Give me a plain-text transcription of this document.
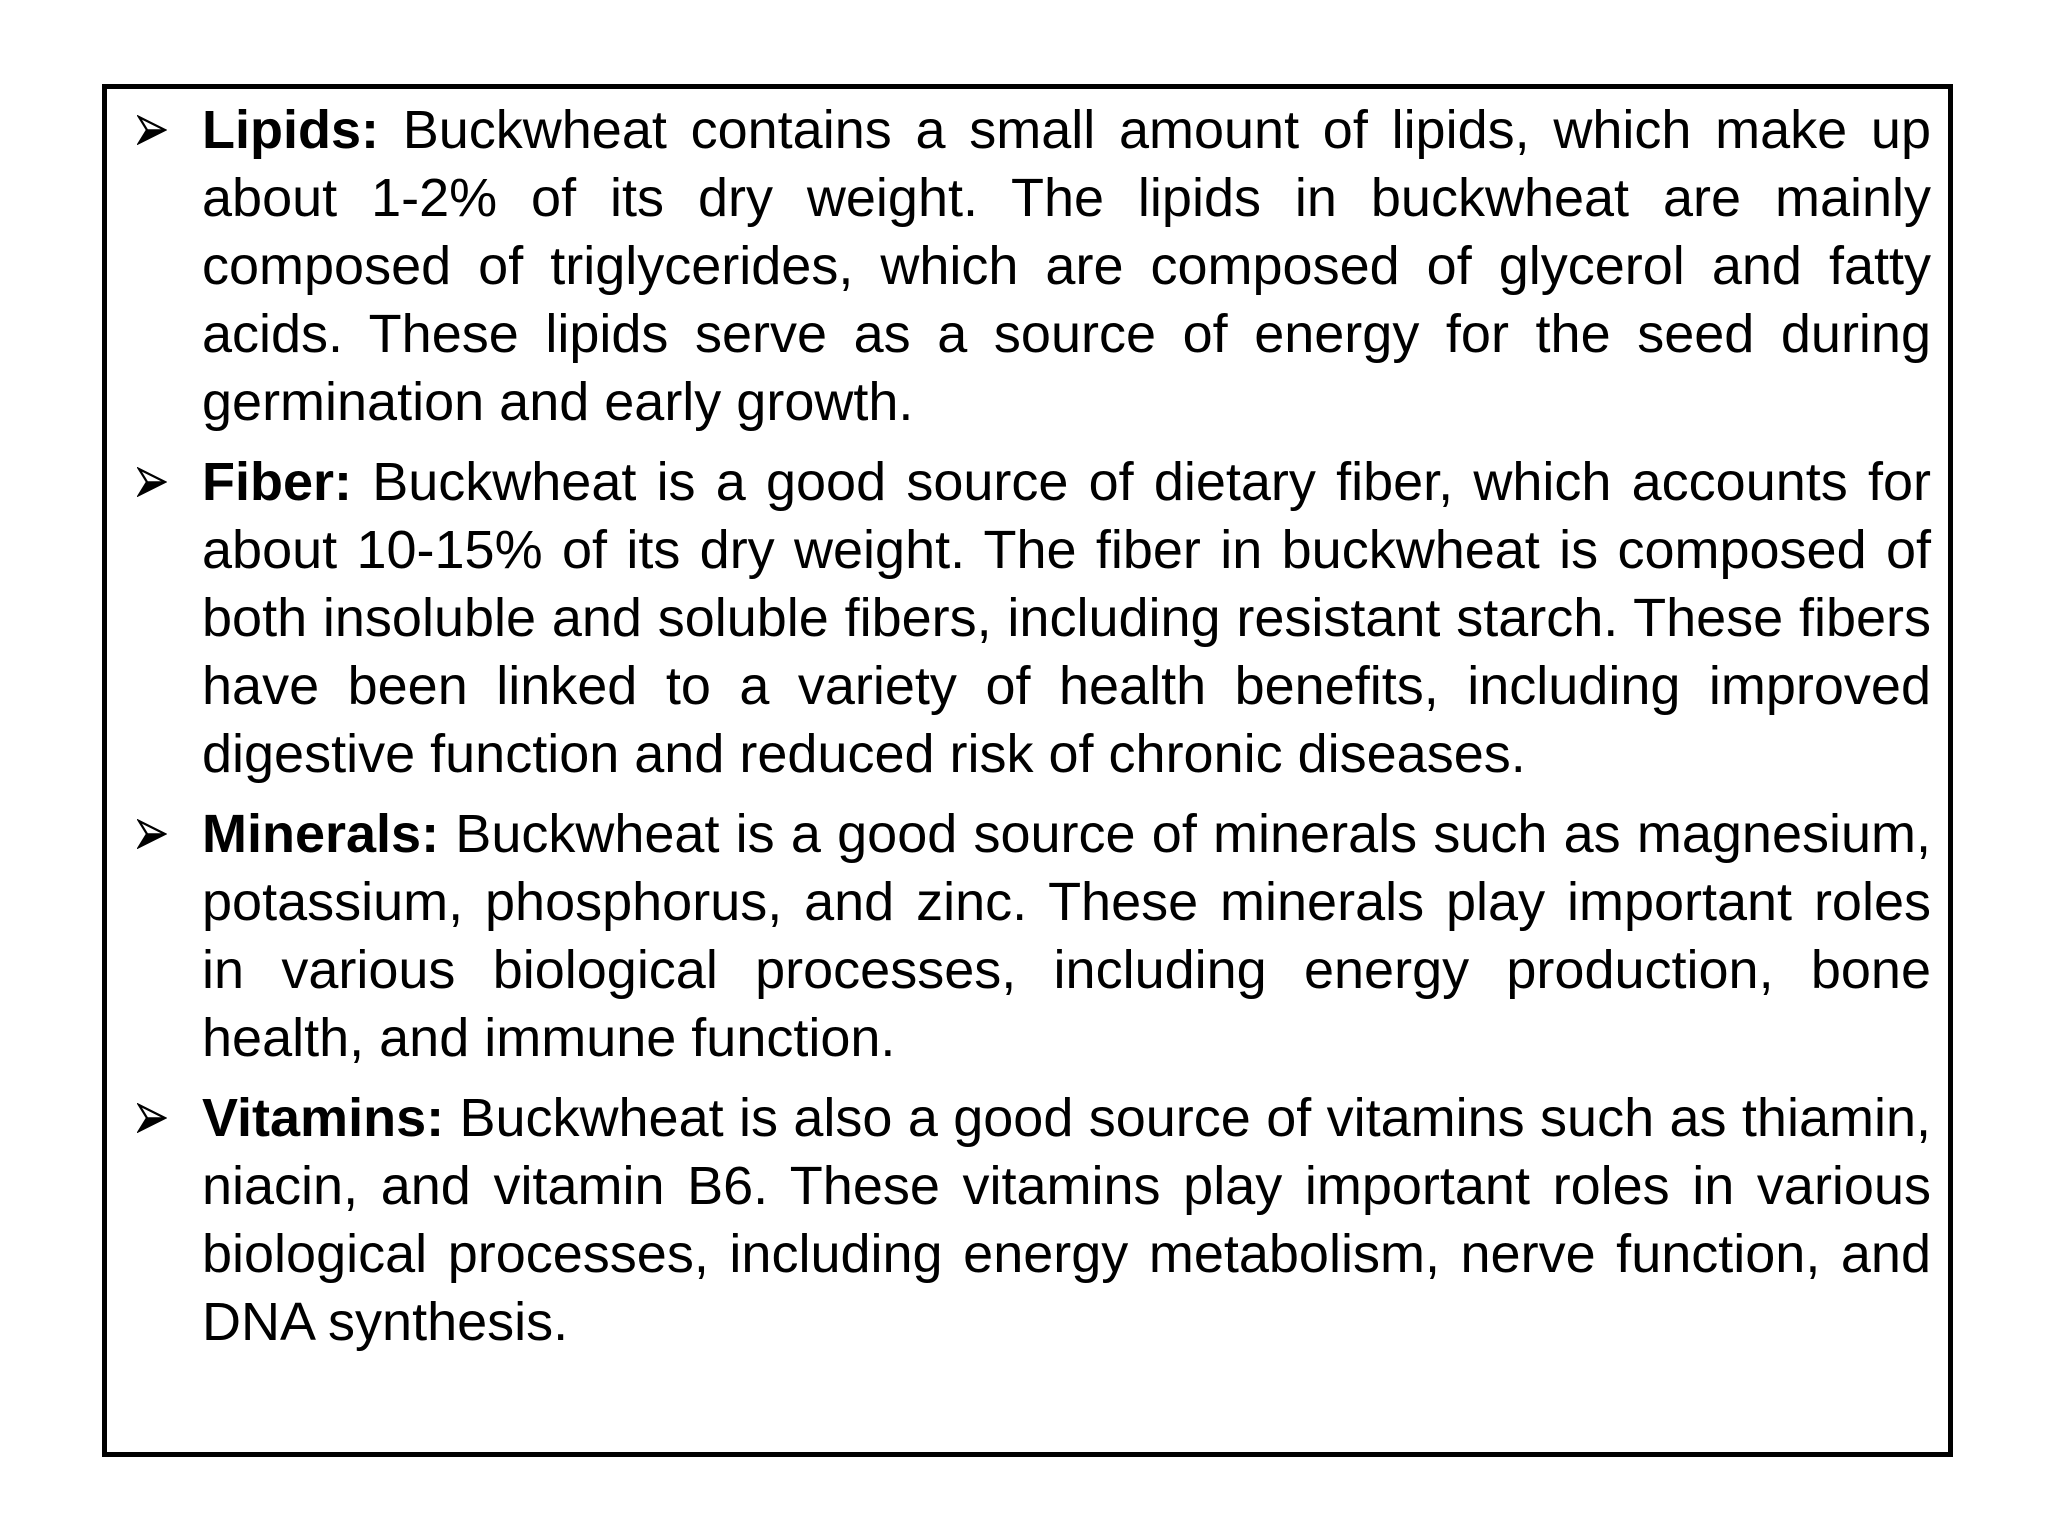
Lipids: Buckwheat contains a small amount of lipids, which make up about 1-2% of its dry weight. The lipids in buckwheat are mainly composed of triglycerides, which are composed of glycerol and fatty acids. These lipids serve as a source of energy for the seed during germination and early growth.

Fiber: Buckwheat is a good source of dietary fiber, which accounts for about 10-15% of its dry weight. The fiber in buckwheat is composed of both insoluble and soluble fibers, including resistant starch. These fibers have been linked to a variety of health benefits, including improved digestive function and reduced risk of chronic diseases.

Minerals: Buckwheat is a good source of minerals such as magnesium, potassium, phosphorus, and zinc. These minerals play important roles in various biological processes, including energy production, bone health, and immune function.

Vitamins: Buckwheat is also a good source of vitamins such as thiamin, niacin, and vitamin B6. These vitamins play important roles in various biological processes, including energy metabolism, nerve function, and DNA synthesis.
